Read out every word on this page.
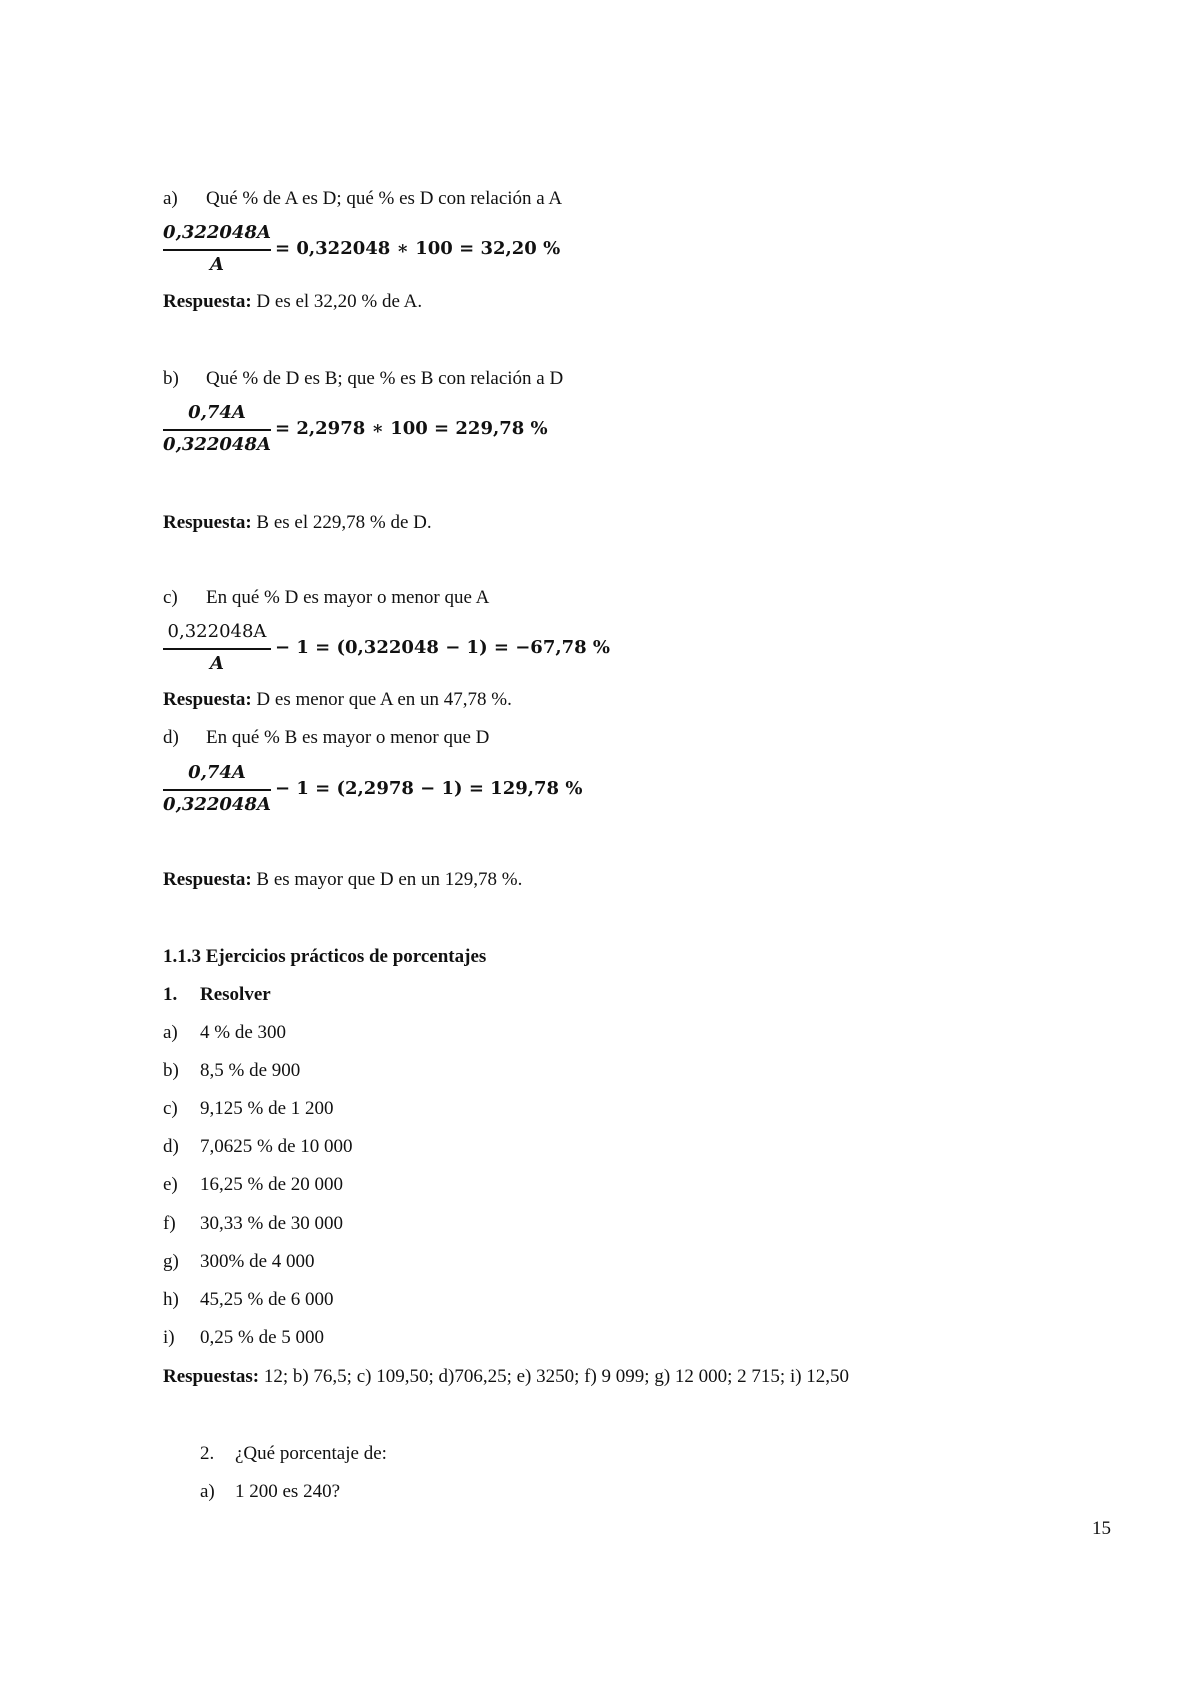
a) Qué % de A es D; qué % es D con relación a A
0,322048A
A
= 0,322048 ∗ 100 = 32,20 %
Respuesta: D es el 32,20 % de A.
b) Qué % de D es B; que % es B con relación a D
0,74A
0,322048A
= 2,2978 ∗ 100 = 229,78 %
Respuesta: B es el 229,78 % de D.
c) En qué % D es mayor o menor que A
0,322048A
A
− 1 = (0,322048 − 1) = −67,78 %
Respuesta: D es menor que A en un 47,78 %.
d) En qué % B es mayor o menor que D
0,74A
0,322048A
− 1 = (2,2978 − 1) = 129,78 %
Respuesta: B es mayor que D en un 129,78 %.
1.1.3 Ejercicios prácticos de porcentajes
1. Resolver
a) 4 % de 300
b) 8,5 % de 900
c) 9,125 % de 1 200
d) 7,0625 % de 10 000
e) 16,25 % de 20 000
f) 30,33 % de 30 000
g) 300% de 4 000
h) 45,25 % de 6 000
i) 0,25 % de 5 000
Respuestas: 12; b) 76,5; c) 109,50; d)706,25; e) 3250; f) 9 099; g) 12 000; 2 715; i) 12,50
2. ¿Qué porcentaje de:
a) 1 200 es 240?
15
